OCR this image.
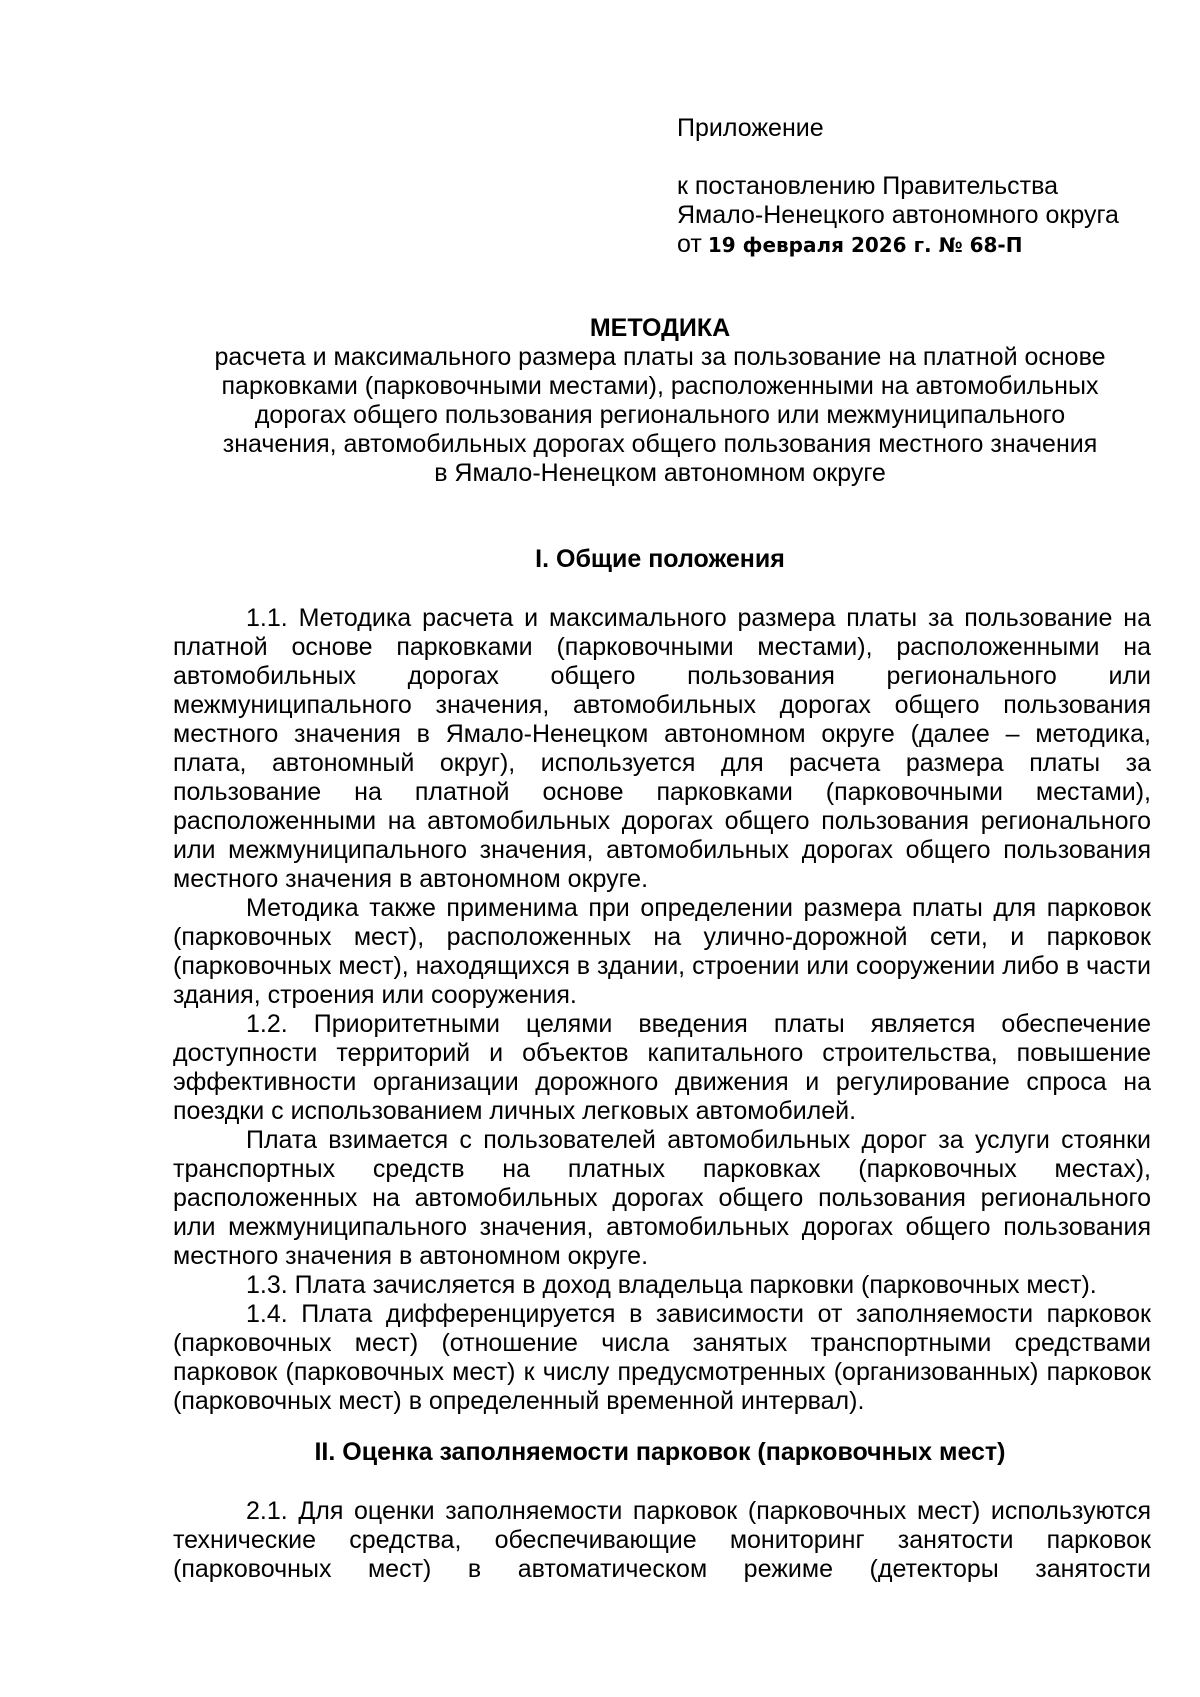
Приложение
к постановлению Правительства
Ямало-Ненецкого автономного округа
от 19 февраля 2026 г. № 68-П
МЕТОДИКА
расчета и максимального размера платы за пользование на платной основе
парковками (парковочными местами), расположенными на автомобильных
дорогах общего пользования регионального или межмуниципального
значения, автомобильных дорогах общего пользования местного значения
в Ямало-Ненецком автономном округе
I. Общие положения

1.1. Методика расчета и максимального размера платы за пользование на платной основе парковками (парковочными местами), расположенными на автомобильных дорогах общего пользования регионального или межмуниципального значения, автомобильных дорогах общего пользования местного значения в Ямало-Ненецком автономном округе (далее – методика, плата, автономный округ), используется для расчета размера платы за пользование на платной основе парковками (парковочными местами), расположенными на автомобильных дорогах общего пользования регионального или межмуниципального значения, автомобильных дорогах общего пользования местного значения в автономном округе.

Методика также применима при определении размера платы для парковок (парковочных мест), расположенных на улично-дорожной сети, и парковок (парковочных мест), находящихся в здании, строении или сооружении либо в части здания, строения или сооружения.

1.2. Приоритетными целями введения платы является обеспечение доступности территорий и объектов капитального строительства, повышение эффективности организации дорожного движения и регулирование спроса на поездки с использованием личных легковых автомобилей.

Плата взимается с пользователей автомобильных дорог за услуги стоянки транспортных средств на платных парковках (парковочных местах), расположенных на автомобильных дорогах общего пользования регионального или межмуниципального значения, автомобильных дорогах общего пользования местного значения в автономном округе.

1.3. Плата зачисляется в доход владельца парковки (парковочных мест).

1.4. Плата дифференцируется в зависимости от заполняемости парковок (парковочных мест) (отношение числа занятых транспортными средствами парковок (парковочных мест) к числу предусмотренных (организованных) парковок (парковочных мест) в определенный временной интервал).

II. Оценка заполняемости парковок (парковочных мест)

2.1. Для оценки заполняемости парковок (парковочных мест) используются технические средства, обеспечивающие мониторинг занятости парковок (парковочных мест) в автоматическом режиме (детекторы занятости
